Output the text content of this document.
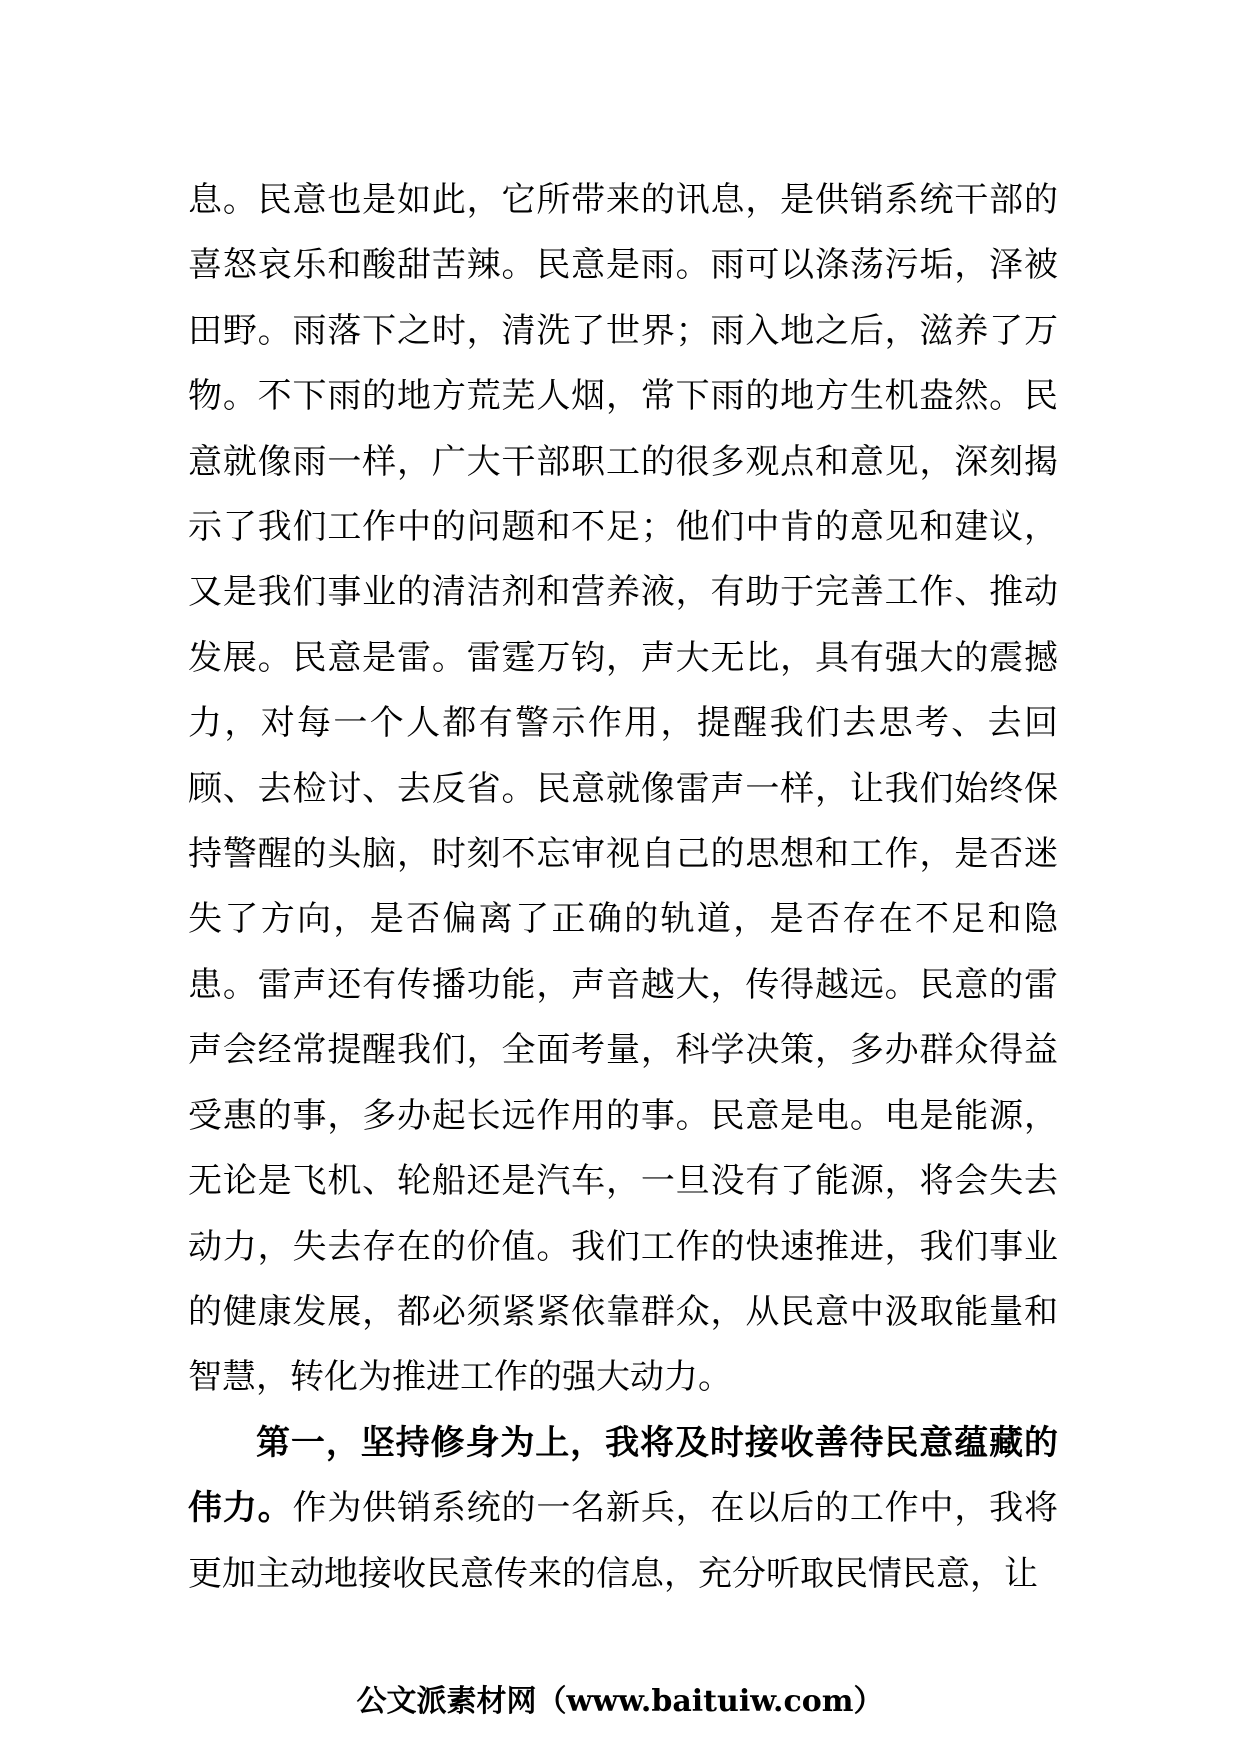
息。民意也是如此，它所带来的讯息，是供销系统干部的喜怒哀乐和酸甜苦辣。民意是雨。雨可以涤荡污垢，泽被田野。雨落下之时，清洗了世界；雨入地之后，滋养了万物。不下雨的地方荒芜人烟，常下雨的地方生机盎然。民意就像雨一样，广大干部职工的很多观点和意见，深刻揭示了我们工作中的问题和不足；他们中肯的意见和建议，又是我们事业的清洁剂和营养液，有助于完善工作、推动发展。民意是雷。雷霆万钧，声大无比，具有强大的震撼力，对每一个人都有警示作用，提醒我们去思考、去回顾、去检讨、去反省。民意就像雷声一样，让我们始终保持警醒的头脑，时刻不忘审视自己的思想和工作，是否迷失了方向，是否偏离了正确的轨道，是否存在不足和隐患。雷声还有传播功能，声音越大，传得越远。民意的雷声会经常提醒我们，全面考量，科学决策，多办群众得益受惠的事，多办起长远作用的事。民意是电。电是能源，无论是飞机、轮船还是汽车，一旦没有了能源，将会失去动力，失去存在的价值。我们工作的快速推进，我们事业的健康发展，都必须紧紧依靠群众，从民意中汲取能量和智慧，转化为推进工作的强大动力。

第一，坚持修身为上，我将及时接收善待民意蕴藏的伟力。作为供销系统的一名新兵，在以后的工作中，我将更加主动地接收民意传来的信息，充分听取民情民意，让

公文派素材网（www.baituiw.com）
